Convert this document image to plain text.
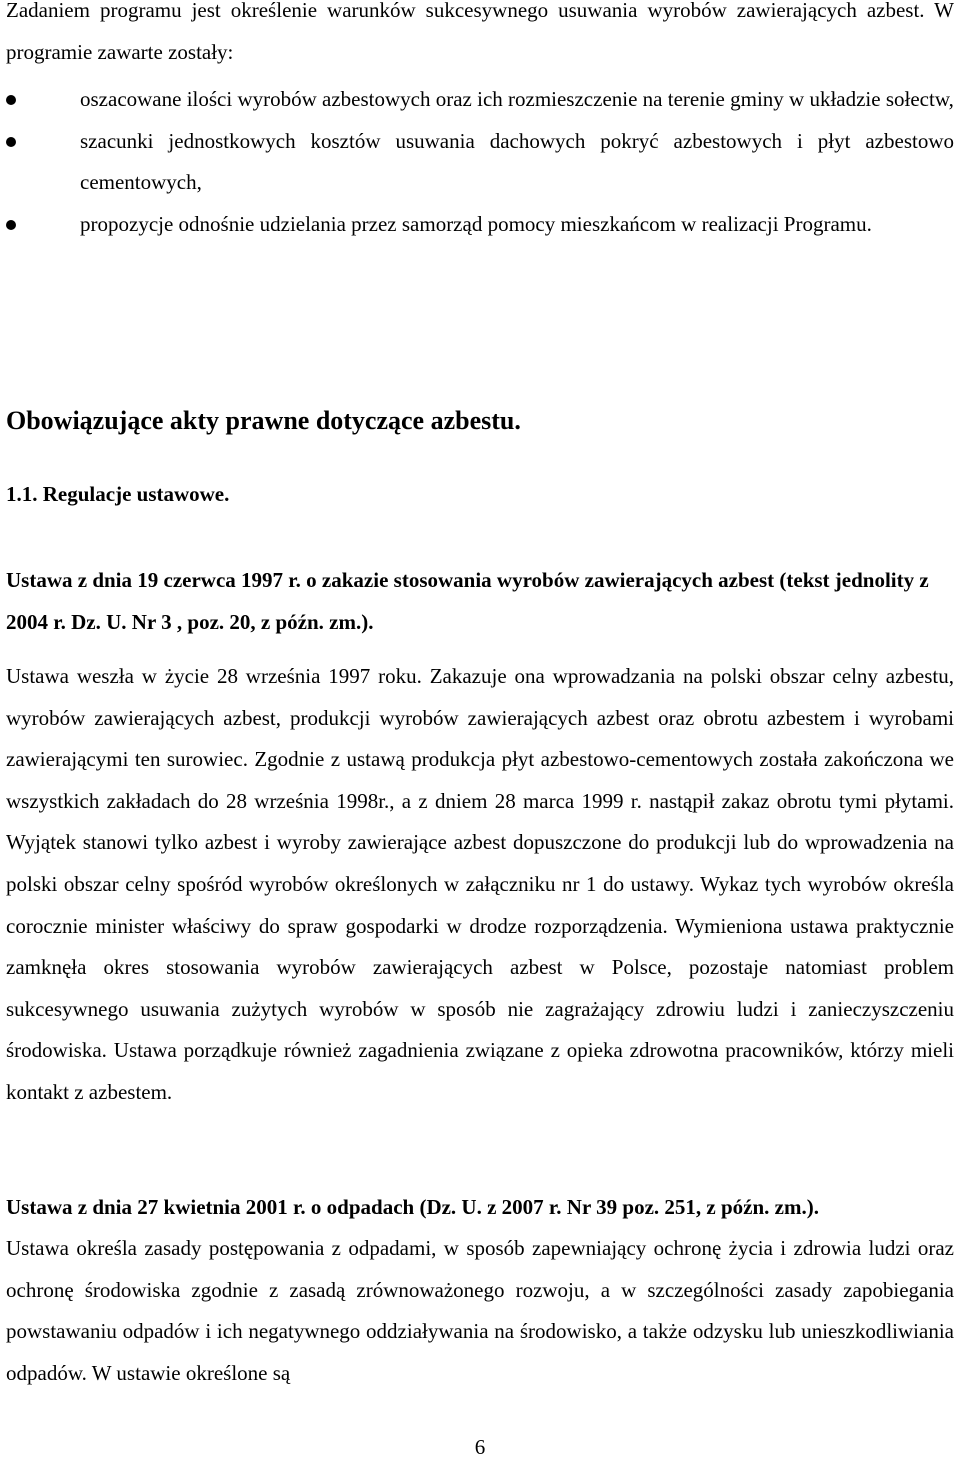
Zadaniem programu jest określenie warunków sukcesywnego usuwania wyrobów zawierających azbest. W programie zawarte zostały:

oszacowane ilości wyrobów azbestowych oraz ich rozmieszczenie na terenie gminy w układzie sołectw,
szacunki jednostkowych kosztów usuwania dachowych pokryć azbestowych i płyt azbestowo cementowych,
propozycje odnośnie udzielania przez samorząd pomocy mieszkańcom w realizacji Programu.
Obowiązujące akty prawne dotyczące azbestu.
1.1. Regulacje ustawowe.

Ustawa z dnia 19 czerwca 1997 r. o zakazie stosowania wyrobów zawierających azbest (tekst jednolity z 2004 r. Dz. U. Nr 3 , poz. 20, z późn. zm.).

Ustawa weszła w życie 28 września 1997 roku. Zakazuje ona wprowadzania na polski obszar celny azbestu, wyrobów zawierających azbest, produkcji wyrobów zawierających azbest oraz obrotu azbestem i wyrobami zawierającymi ten surowiec. Zgodnie z ustawą produkcja płyt azbestowo-cementowych została zakończona we wszystkich zakładach do 28 września 1998r., a z dniem 28 marca 1999 r. nastąpił zakaz obrotu tymi płytami. Wyjątek stanowi tylko azbest i wyroby zawierające azbest dopuszczone do produkcji lub do wprowadzenia na polski obszar celny spośród wyrobów określonych w załączniku nr 1 do ustawy. Wykaz tych wyrobów określa corocznie minister właściwy do spraw gospodarki w drodze rozporządzenia. Wymieniona ustawa praktycznie zamknęła okres stosowania wyrobów zawierających azbest w Polsce, pozostaje natomiast problem sukcesywnego usuwania zużytych wyrobów w sposób nie zagrażający zdrowiu ludzi i zanieczyszczeniu środowiska. Ustawa porządkuje również zagadnienia związane z opieka zdrowotna pracowników, którzy mieli kontakt z azbestem.

Ustawa z dnia 27 kwietnia 2001 r. o odpadach (Dz. U. z 2007 r. Nr 39 poz. 251, z późn. zm.).

Ustawa określa zasady postępowania z odpadami, w sposób zapewniający ochronę życia i zdrowia ludzi oraz ochronę środowiska zgodnie z zasadą zrównoważonego rozwoju, a w szczególności zasady zapobiegania powstawaniu odpadów i ich negatywnego oddziaływania na środowisko, a także odzysku lub unieszkodliwiania odpadów. W ustawie określone są

6
